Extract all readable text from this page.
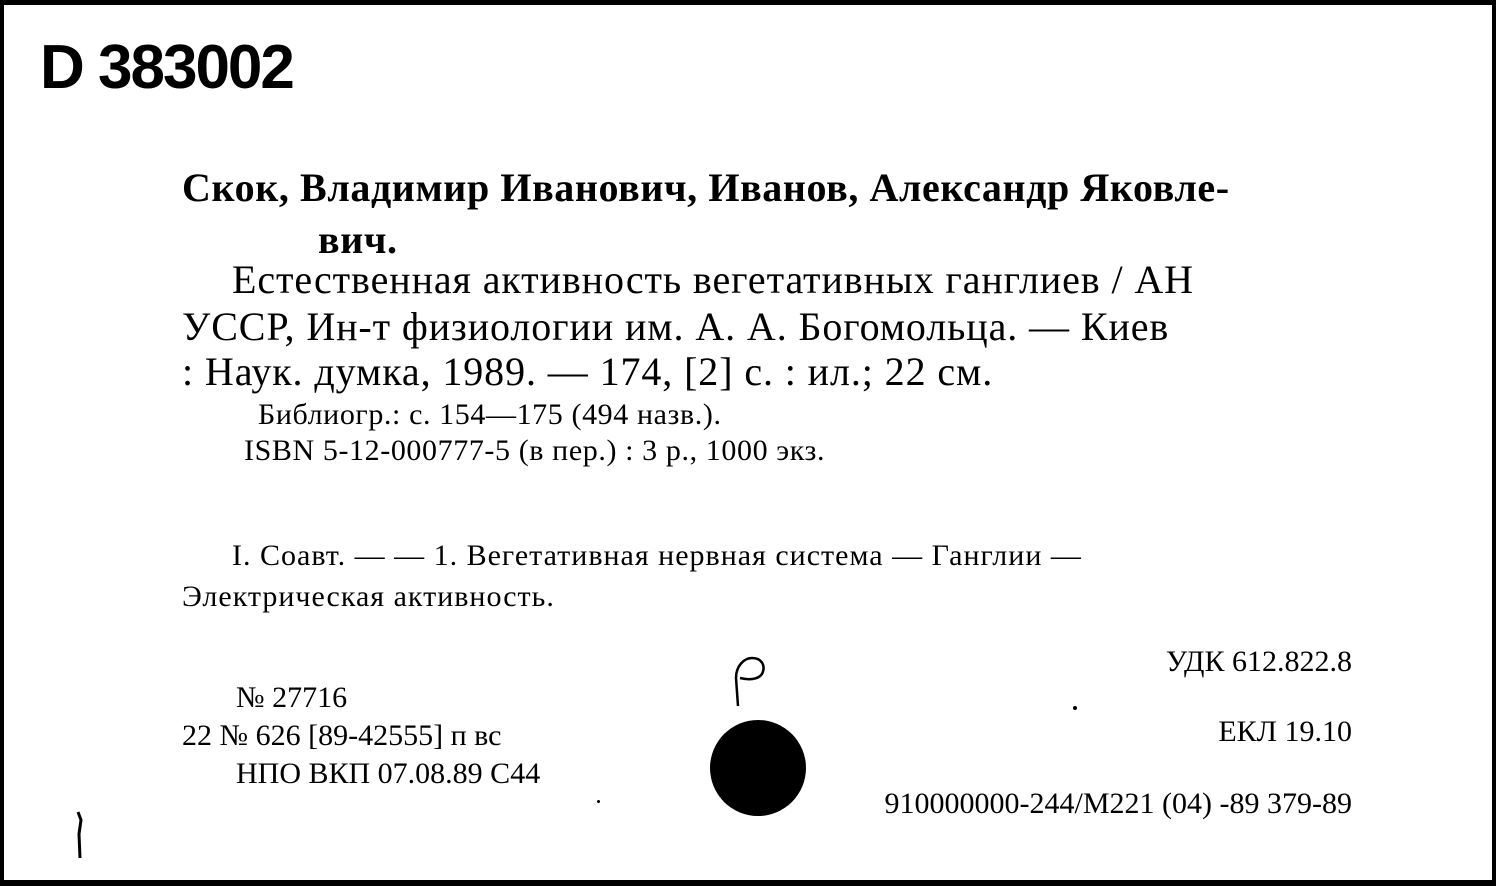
D 383002
Скок, Владимир Иванович, Иванов, Александр Яковле-
вич.
Естественная активность вегетативных ганглиев / АН
УССР, Ин-т физиологии им. А. А. Богомольца. — Киев
: Наук. думка, 1989. — 174, [2] с. : ил.; 22 см.
Библиогр.: с. 154—175 (494 назв.).
ISBN 5-12-000777-5 (в пер.) : 3 р., 1000 экз.
I. Соавт. — — 1. Вегетативная нервная система — Ганглии —
Электрическая активность.
УДК 612.822.8
ЕКЛ 19.10
910000000-244/М221 (04) -89 379-89
№ 27716
22 № 626 [89-42555] п вс
НПО ВКП 07.08.89 С44
